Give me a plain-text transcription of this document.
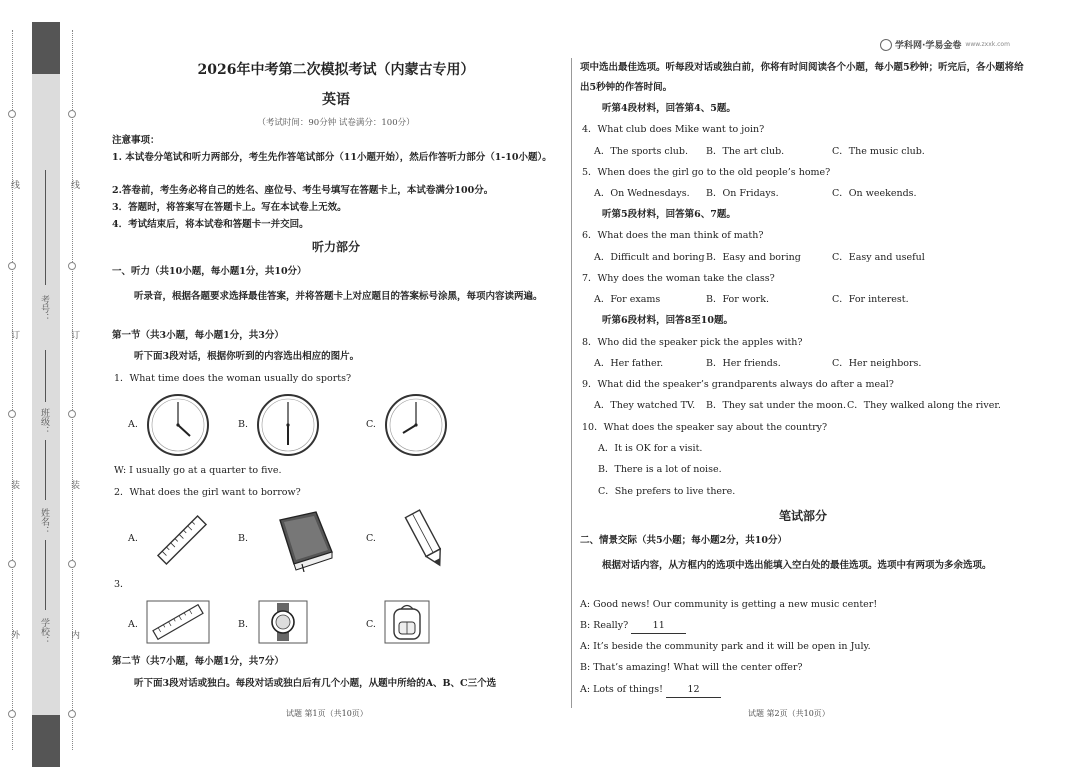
线
订
装
外
线
订
装
内
考号：
班级：
姓名：
学校：
学科网·学易金卷 www.zxxk.com
2026年中考第二次模拟考试（内蒙古专用）
英语
（考试时间：90分钟 试卷满分：100分）
注意事项：
1. 本试卷分笔试和听力两部分，考生先作答笔试部分（11小题开始），然后作答听力部分（1-10小题）。
2.答卷前，考生务必将自己的姓名、座位号、考生号填写在答题卡上，本试卷满分100分。
3．答题时，将答案写在答题卡上。写在本试卷上无效。
4．考试结束后，将本试卷和答题卡一并交回。
听力部分
一、听力（共10小题，每小题1分，共10分）
听录音，根据各题要求选择最佳答案，并将答题卡上对应题目的答案标号涂黑，每项内容读两遍。
第一节（共3小题，每小题1分，共3分）
听下面3段对话，根据你听到的内容选出相应的图片。
1．What time does the woman usually do sports?
A.	B.	C.
W: I usually go at a quarter to five.
2．What does the girl want to borrow?
A.	B.	C.
3．
A.	B.	C.
第二节（共7小题，每小题1分，共7分）
听下面3段对话或独白。每段对话或独白后有几个小题，从题中所给的A、B、C三个选
试题 第1页（共10页）
项中选出最佳选项。听每段对话或独白前，你将有时间阅读各个小题，每小题5秒钟；听完后，各小题将给出5秒钟的作答时间。
听第4段材料，回答第4、5题。
4．What club does Mike want to join?
A．The sports club.	B．The art club.	C．The music club.
5．When does the girl go to the old people’s home?
A．On Wednesdays.	B．On Fridays.	C．On weekends.
听第5段材料，回答第6、7题。
6．What does the man think of math?
A．Difficult and boring B．Easy and boring	C．Easy and useful
7．Why does the woman take the class?
A．For exams	B．For work.	C．For interest.
听第6段材料，回答8至10题。
8．Who did the speaker pick the apples with?
A．Her father.	B．Her friends.	C．Her neighbors.
9．What did the speaker’s grandparents always do after a meal?
A．They watched TV.	B．They sat under the moon. C．They walked along the river.
10．What does the speaker say about the country?
A．It is OK for a visit.
B．There is a lot of noise.
C．She prefers to live there.
笔试部分
二、情景交际（共5小题；每小题2分，共10分）
根据对话内容，从方框内的选项中选出能填入空白处的最佳选项。选项中有两项为多余选项。
A: Good news! Our community is getting a new music center!
B: Really?	11
A: It’s beside the community park and it will be open in July.
B: That’s amazing! What will the center offer?
A: Lots of things!	12
试题 第2页（共10页）
